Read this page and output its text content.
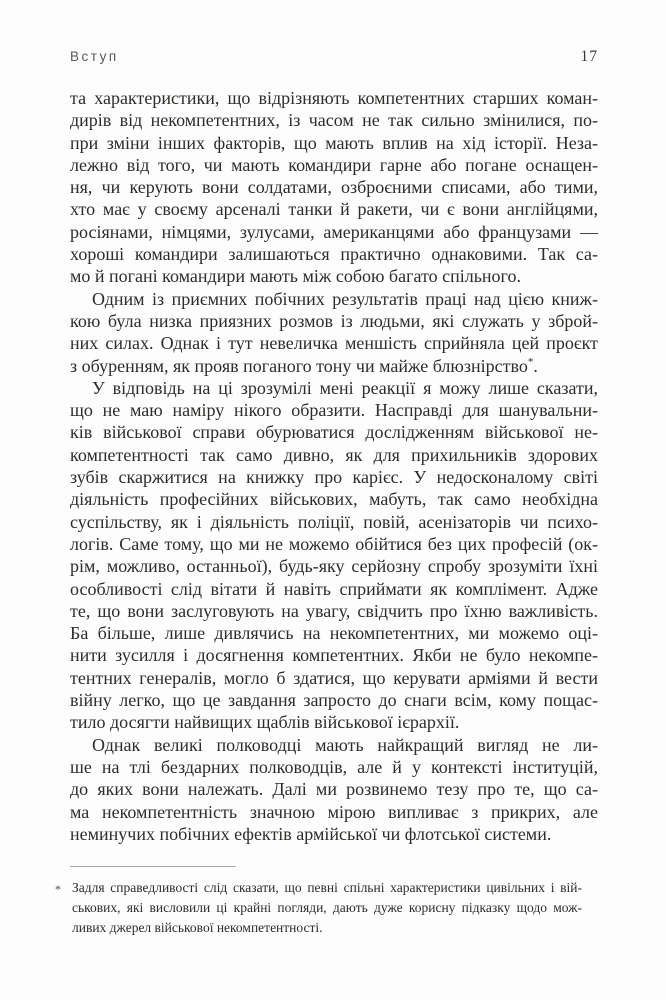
Вступ	17

та характеристики, що відрізняють компетентних старших коман-
дирів від некомпетентних, із часом не так сильно змінилися, по-
при зміни інших факторів, що мають вплив на хід історії. Неза-
лежно від того, чи мають командири гарне або погане оснащен-
ня, чи керують вони солдатами, озброєними списами, або тими,
хто має у своєму арсеналі танки й ракети, чи є вони англійцями,
росіянами, німцями, зулусами, американцями або французами —
хороші командири залишаються практично однаковими. Так са-
мо й погані командири мають між собою багато спільного.

Одним із приємних побічних результатів праці над цією книж-
кою була низка приязних розмов із людьми, які служать у зброй-
них силах. Однак і тут невеличка меншість сприйняла цей проєкт
з обуренням, як прояв поганого тону чи майже блюзнірство*.

У відповідь на ці зрозумілі мені реакції я можу лише сказати,
що не маю наміру нікого образити. Насправді для шанувальни-
ків військової справи обурюватися дослідженням військової не-
компетентності так само дивно, як для прихильників здорових
зубів скаржитися на книжку про карієс. У недосконалому світі
діяльність професійних військових, мабуть, так само необхідна
суспільству, як і діяльність поліції, повій, асенізаторів чи психо-
логів. Саме тому, що ми не можемо обійтися без цих професій (ок-
рім, можливо, останньої), будь-яку серйозну спробу зрозуміти їхні
особливості слід вітати й навіть сприймати як комплімент. Адже
те, що вони заслуговують на увагу, свідчить про їхню важливість.
Ба більше, лише дивлячись на некомпетентних, ми можемо оці-
нити зусилля і досягнення компетентних. Якби не було некомпе-
тентних генералів, могло б здатися, що керувати арміями й вести
війну легко, що це завдання запросто до снаги всім, кому пощас-
тило досягти найвищих щаблів військової ієрархії.

Однак великі полководці мають найкращий вигляд не ли-
ше на тлі бездарних полководців, але й у контексті інституцій,
до яких вони належать. Далі ми розвинемо тезу про те, що са-
ма некомпетентність значною мірою випливає з прикрих, але
неминучих побічних ефектів армійської чи флотської системи.

* Задля справедливості слід сказати, що певні спільні характеристики цивільних і вій-
ськових, які висловили ці крайні погляди, дають дуже корисну підказку щодо мож-
ливих джерел військової некомпетентності.
